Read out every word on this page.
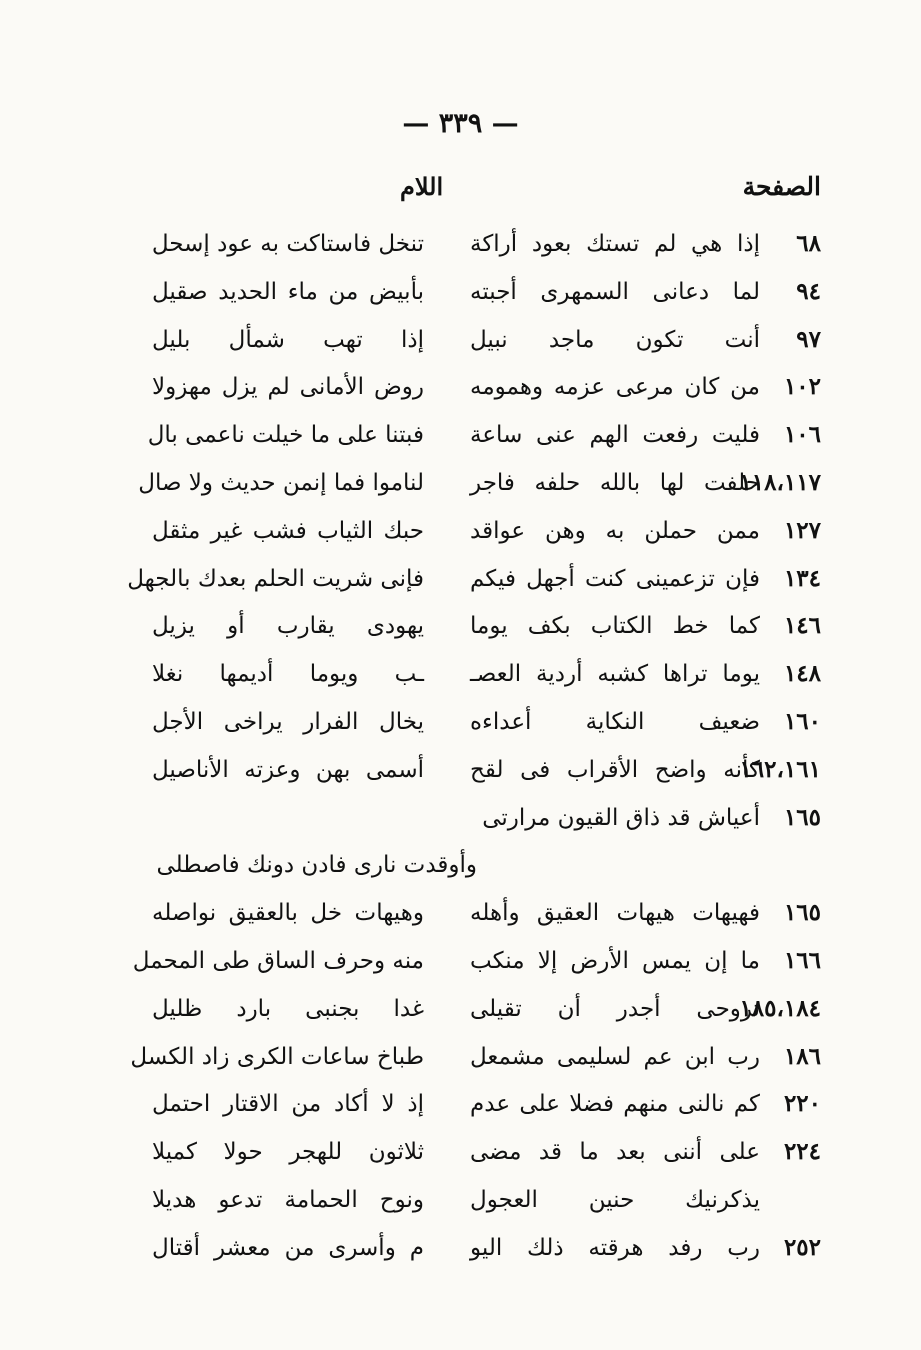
— ٣٣٩ —
الصفحة
اللام
٦٨
إذا هي لم تستك بعود أراكة
تنخل فاستاكت به عود إسحل
٩٤
لما دعانى السمهرى أجبته
بأبيض من ماء الحديد صقيل
٩٧
أنت تكون ماجد نبيل
إذا تهب شمأل بليل
١٠٢
من كان مرعى عزمه وهمومه
روض الأمانى لم يزل مهزولا
١٠٦
فليت رفعت الهم عنى ساعة
فبتنا على ما خيلت ناعمى بال
١١٨،١١٧
حلفت لها بالله حلفه فاجر
لناموا فما إنمن حديث ولا صال
١٢٧
ممن حملن به وهن عواقد
حبك الثياب فشب غير مثقل
١٣٤
فإن تزعمينى كنت أجهل فيكم
فإنى شريت الحلم بعدك بالجهل
١٤٦
كما خط الكتاب بكف يوما
يهودى يقارب أو يزيل
١٤٨
يوما تراها كشبه أردية العصـ
ـب ويوما أديمها نغلا
١٦٠
ضعيف النكاية أعداءه
يخال الفرار يراخى الأجل
١٦٢،١٦١
كأنه واضح الأقراب فى لقح
أسمى بهن وعزته الأناصيل
١٦٥
أعياش قد ذاق القيون مرارتى
وأوقدت نارى فادن دونك فاصطلى
١٦٥
فهيهات هيهات العقيق وأهله
وهيهات خل بالعقيق نواصله
١٦٦
ما إن يمس الأرض إلا منكب
منه وحرف الساق طى المحمل
١٨٥،١٨٤
تروحى أجدر أن تقيلى
غدا بجنبى بارد ظليل
١٨٦
رب ابن عم لسليمى مشمعل
طباخ ساعات الكرى زاد الكسل
٢٢٠
كم نالنى منهم فضلا على عدم
إذ لا أكاد من الاقتار احتمل
٢٢٤
على أننى بعد ما قد مضى
ثلاثون للهجر حولا كميلا
يذكرنيك حنين العجول
ونوح الحمامة تدعو هديلا
٢٥٢
رب رفد هرقته ذلك اليو
م وأسرى من معشر أقتال
